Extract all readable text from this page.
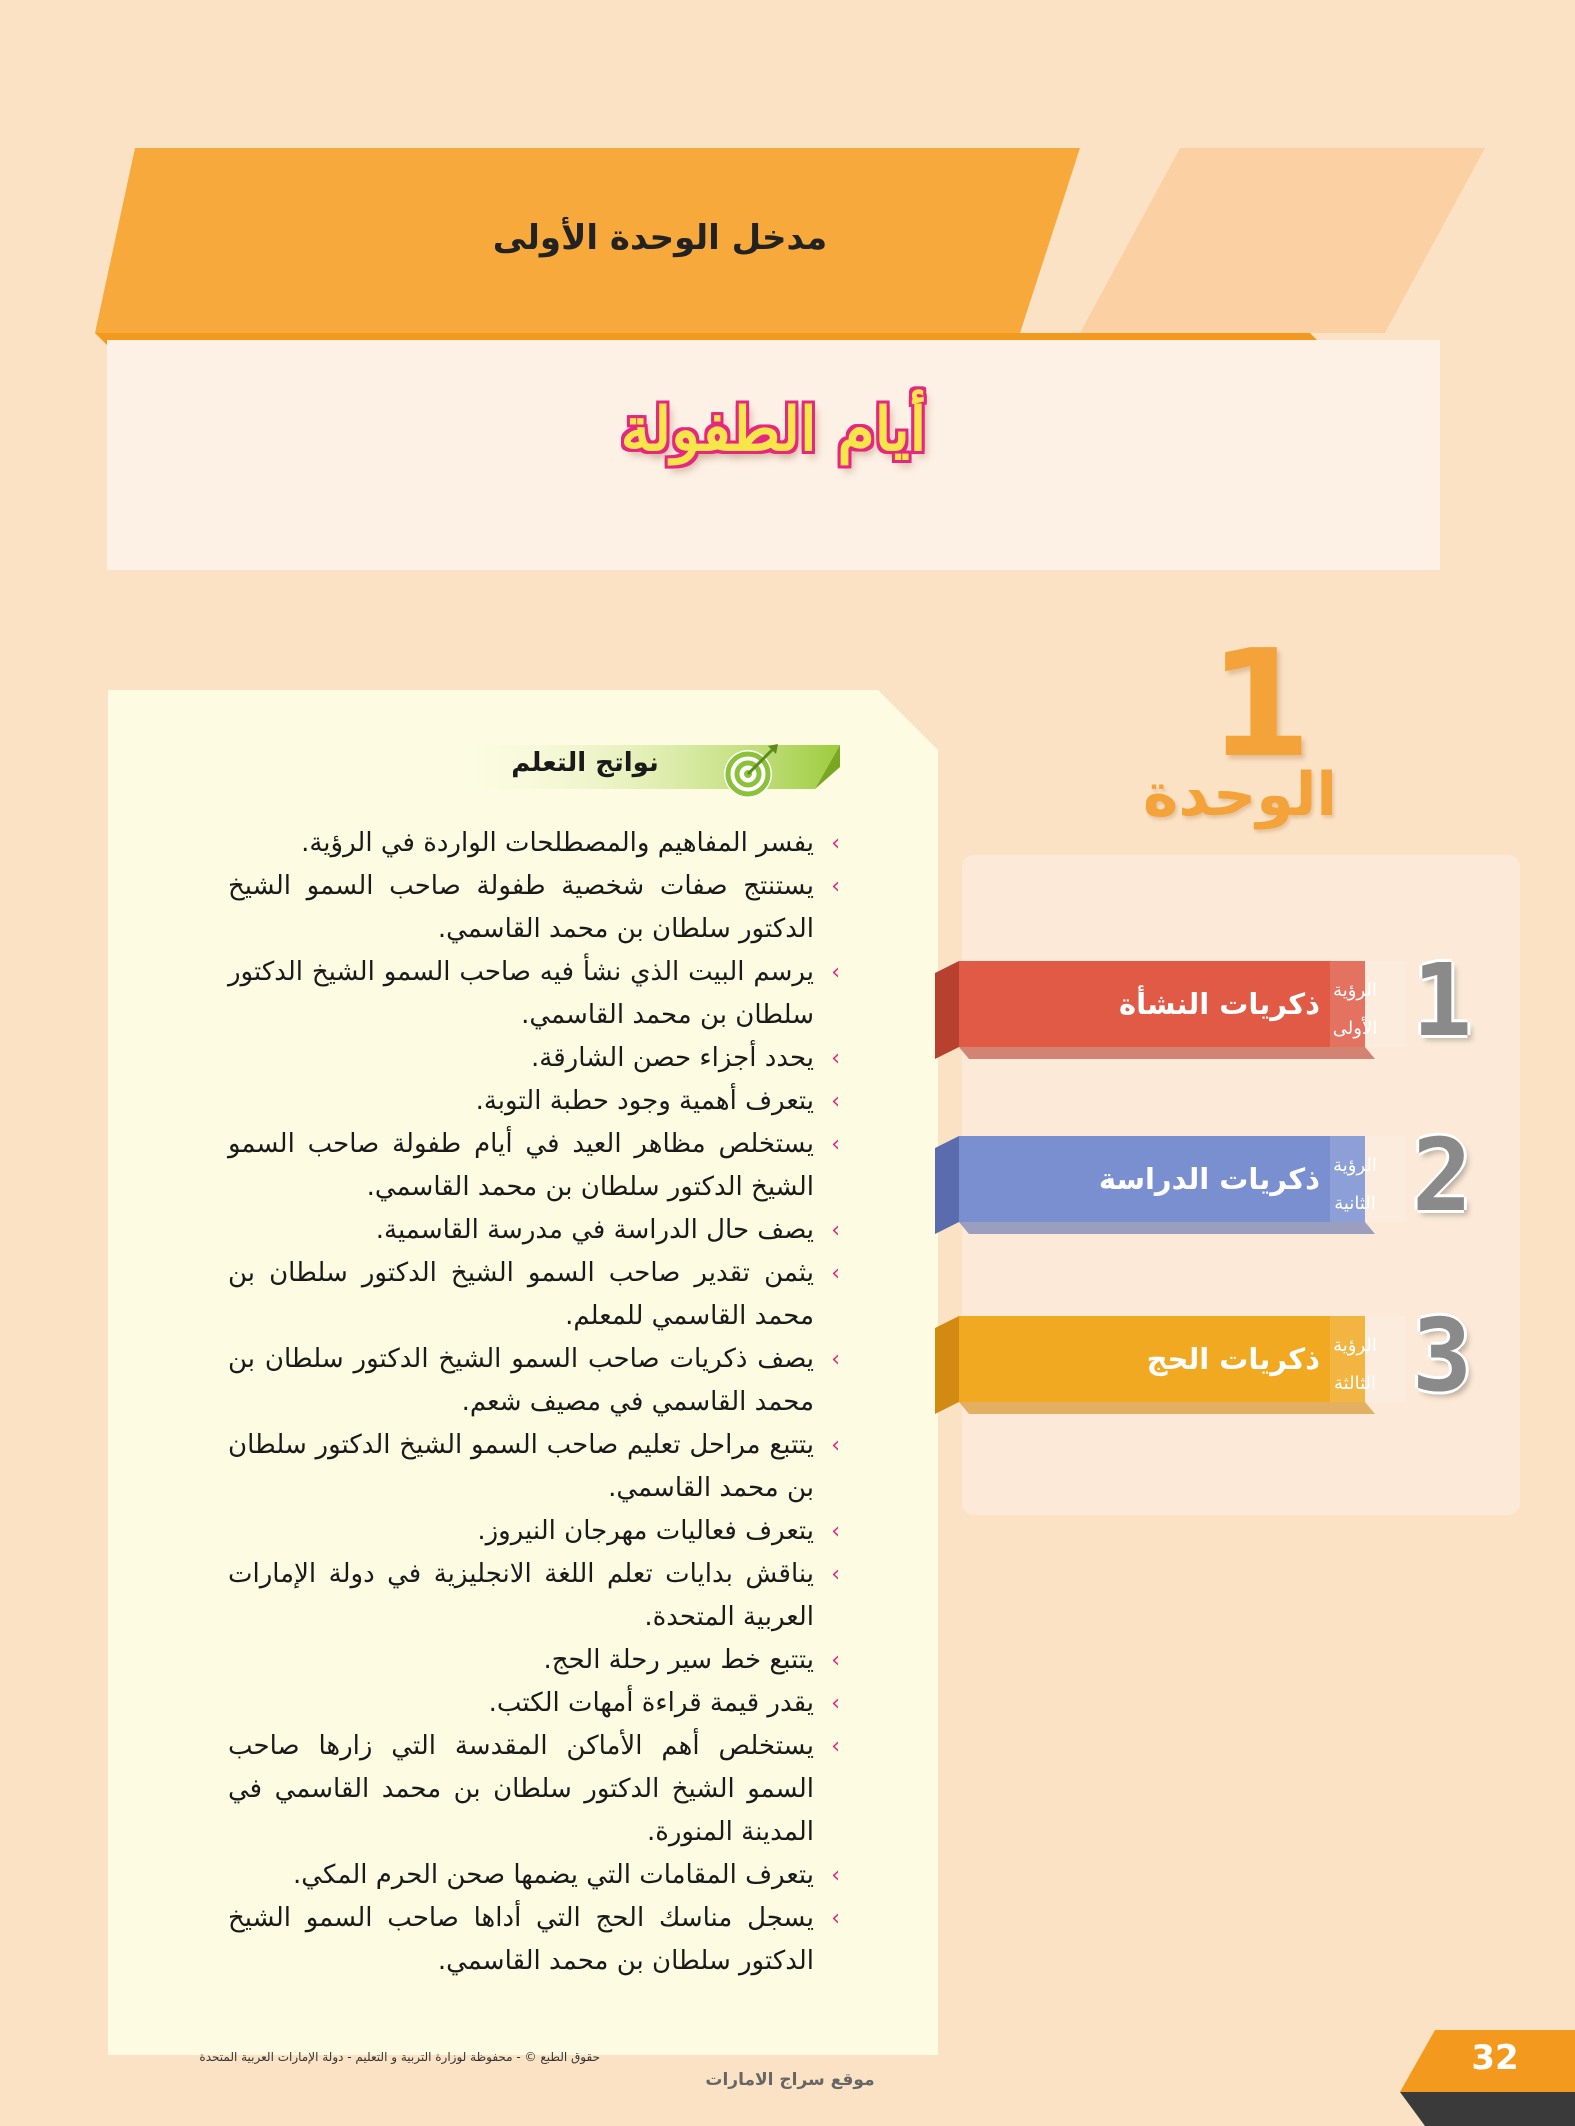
مدخل الوحدة الأولى
أيام الطفولة
1
الوحدة
نواتج التعلم
›
يفسر المفاهيم والمصطلحات الواردة في الرؤية.
›
يستنتج صفات شخصية طفولة صاحب السمو الشيخ الدكتور سلطان بن محمد القاسمي.
›
يرسم البيت الذي نشأ فيه صاحب السمو الشيخ الدكتور سلطان بن محمد القاسمي.
›
يحدد أجزاء حصن الشارقة.
›
يتعرف أهمية وجود حطبة التوبة.
›
يستخلص مظاهر العيد في أيام طفولة صاحب السمو الشيخ الدكتور سلطان بن محمد القاسمي.
›
يصف حال الدراسة في مدرسة القاسمية.
›
يثمن تقدير صاحب السمو الشيخ الدكتور سلطان بن محمد القاسمي للمعلم.
›
يصف ذكريات صاحب السمو الشيخ الدكتور سلطان بن محمد القاسمي في مصيف شعم.
›
يتتبع مراحل تعليم صاحب السمو الشيخ الدكتور سلطان بن محمد القاسمي.
›
يتعرف فعاليات مهرجان النيروز.
›
يناقش بدايات تعلم اللغة الانجليزية في دولة الإمارات العربية المتحدة.
›
يتتبع خط سير رحلة الحج.
›
يقدر قيمة قراءة أمهات الكتب.
›
يستخلص أهم الأماكن المقدسة التي زارها صاحب السمو الشيخ الدكتور سلطان بن محمد القاسمي في المدينة المنورة.
›
يتعرف المقامات التي يضمها صحن الحرم المكي.
›
يسجل مناسك الحج التي أداها صاحب السمو الشيخ الدكتور سلطان بن محمد القاسمي.
ذكريات النشأة الرؤية
الأولى 1
ذكريات الدراسة الرؤية
الثانية 2
ذكريات الحج الرؤية
الثالثة 3
حقوق الطبع © - محفوظة لوزارة التربية و التعليم - دولة الإمارات العربية المتحدة
موقع سراج الامارات
32
